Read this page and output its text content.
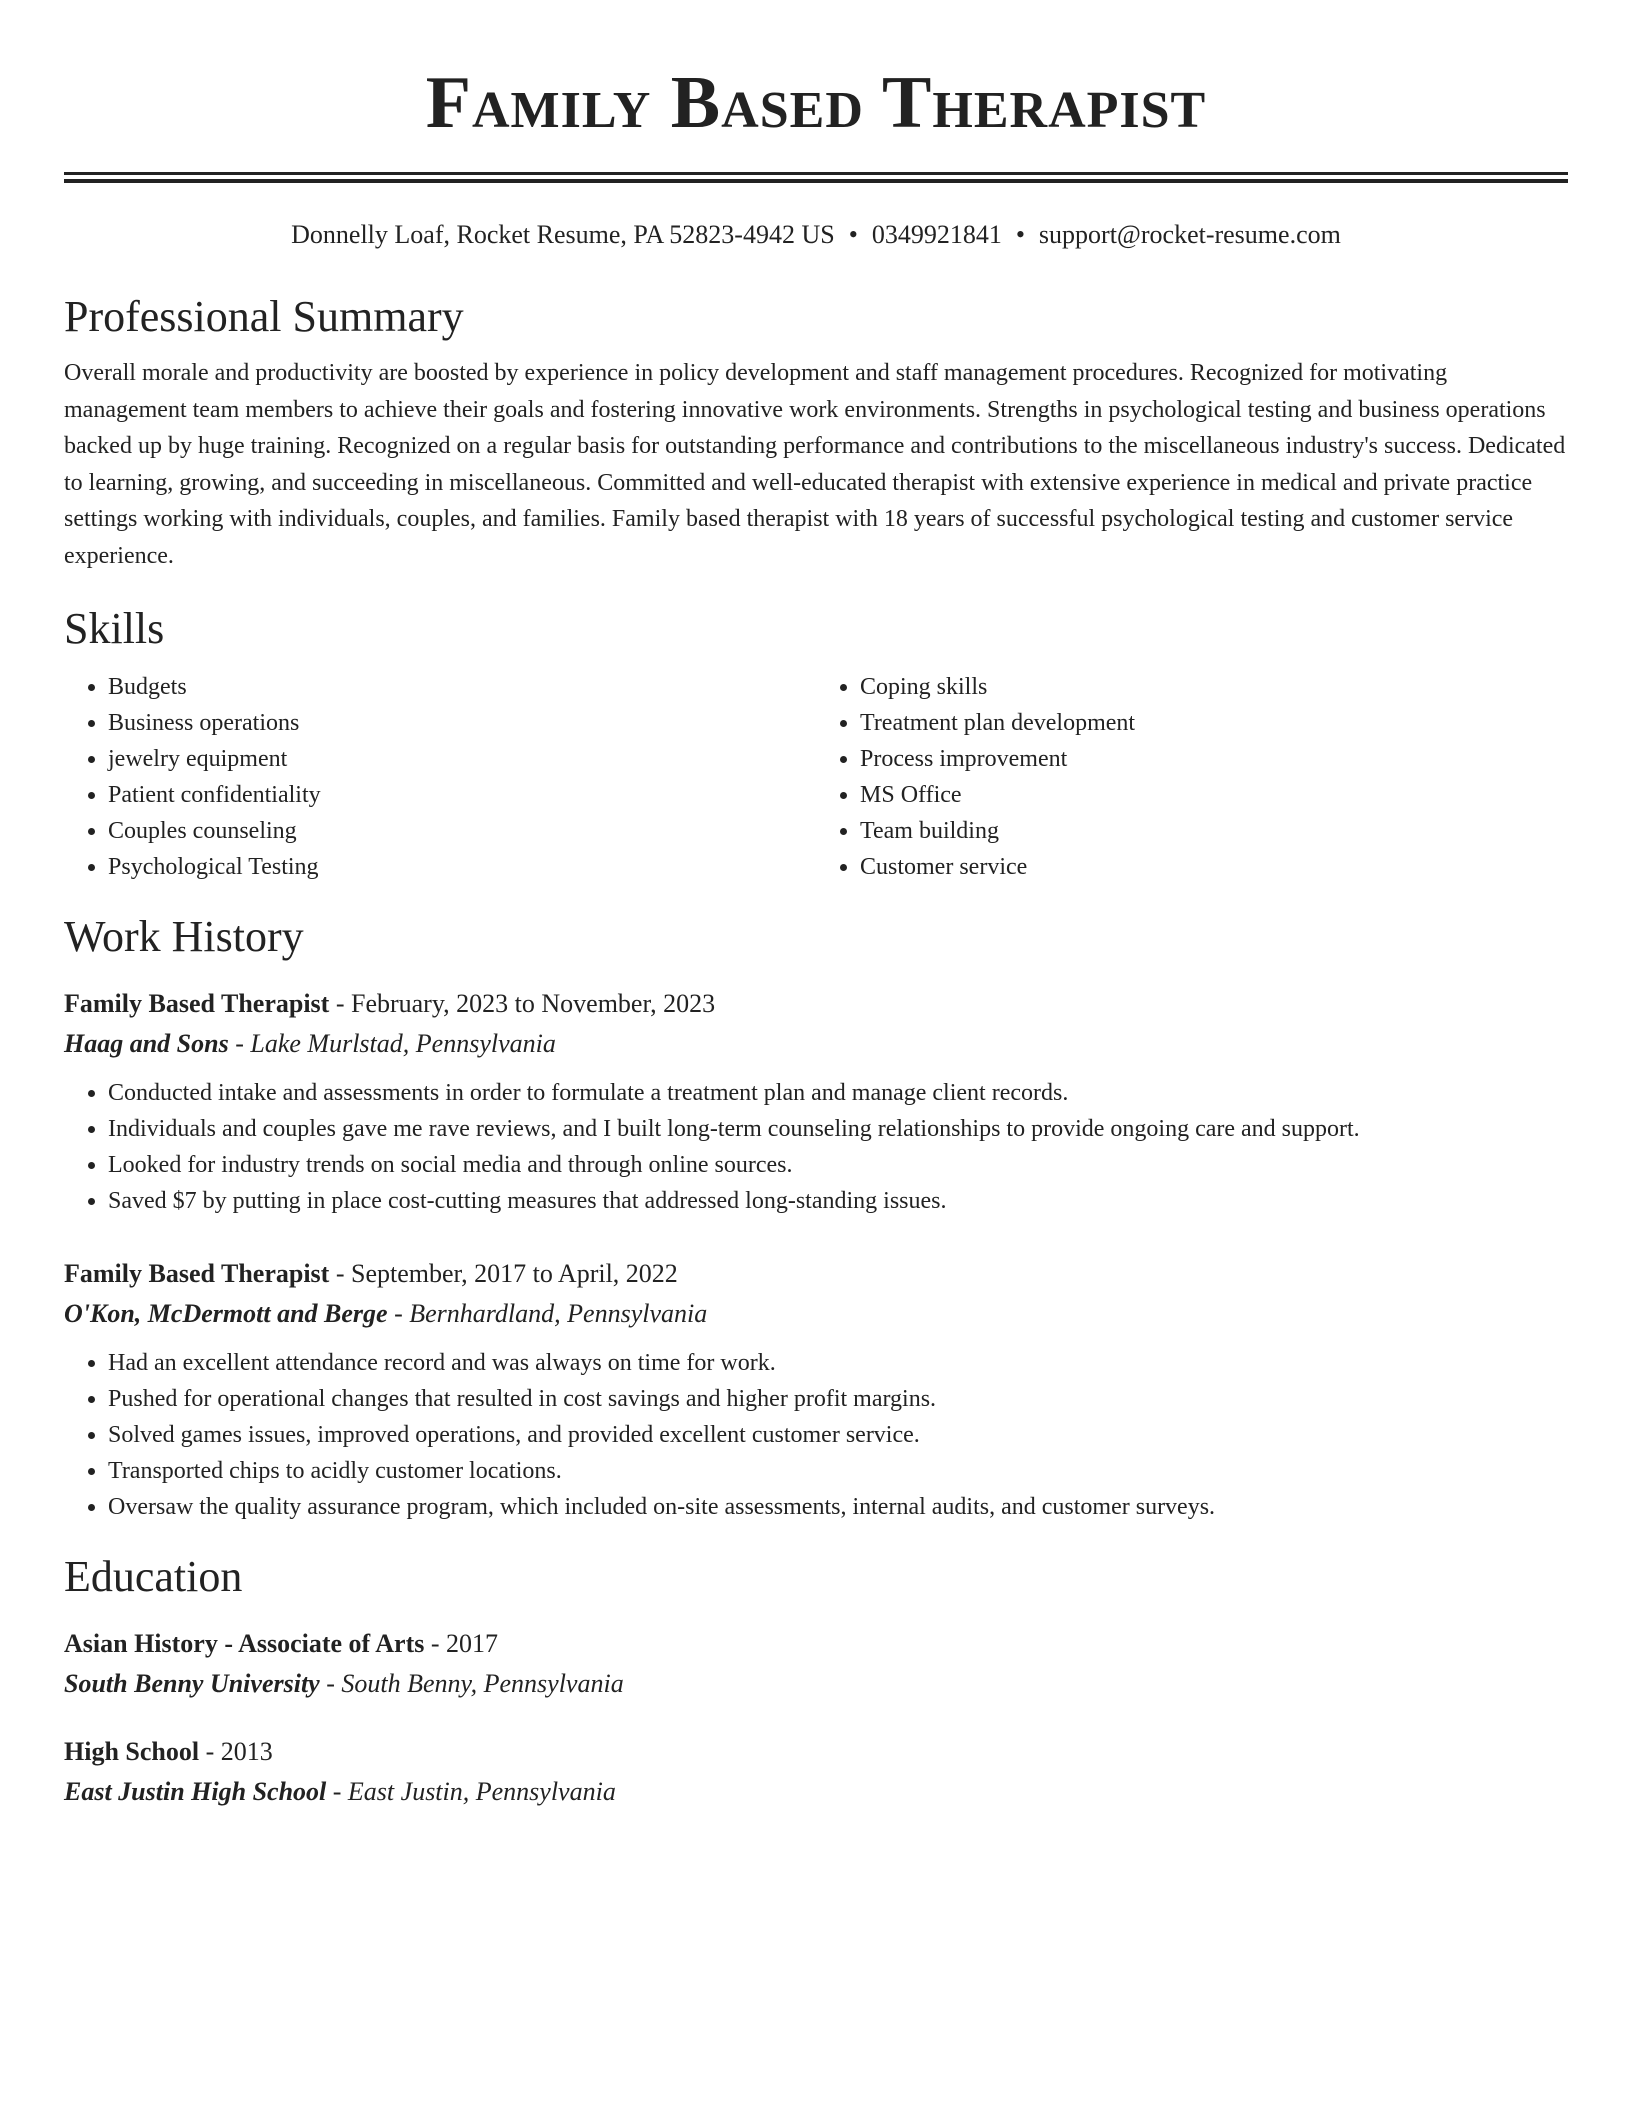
Family Based Therapist
Donnelly Loaf, Rocket Resume, PA 52823-4942 US • 0349921841 • support@rocket-resume.com
Professional Summary

Overall morale and productivity are boosted by experience in policy development and staff management procedures. Recognized for motivating management team members to achieve their goals and fostering innovative work environments. Strengths in psychological testing and business operations backed up by huge training. Recognized on a regular basis for outstanding performance and contributions to the miscellaneous industry's success. Dedicated to learning, growing, and succeeding in miscellaneous. Committed and well-educated therapist with extensive experience in medical and private practice settings working with individuals, couples, and families. Family based therapist with 18 years of successful psychological testing and customer service experience.

Skills
• Budgets
• Business operations
• jewelry equipment
• Patient confidentiality
• Couples counseling
• Psychological Testing
• Coping skills
• Treatment plan development
• Process improvement
• MS Office
• Team building
• Customer service
Work History
Family Based Therapist - February, 2023 to November, 2023
Haag and Sons - Lake Murlstad, Pennsylvania
• Conducted intake and assessments in order to formulate a treatment plan and manage client records.
• Individuals and couples gave me rave reviews, and I built long-term counseling relationships to provide ongoing care and support.
• Looked for industry trends on social media and through online sources.
• Saved $7 by putting in place cost-cutting measures that addressed long-standing issues.
Family Based Therapist - September, 2017 to April, 2022
O'Kon, McDermott and Berge - Bernhardland, Pennsylvania
• Had an excellent attendance record and was always on time for work.
• Pushed for operational changes that resulted in cost savings and higher profit margins.
• Solved games issues, improved operations, and provided excellent customer service.
• Transported chips to acidly customer locations.
• Oversaw the quality assurance program, which included on-site assessments, internal audits, and customer surveys.
Education
Asian History - Associate of Arts - 2017
South Benny University - South Benny, Pennsylvania
High School - 2013
East Justin High School - East Justin, Pennsylvania
